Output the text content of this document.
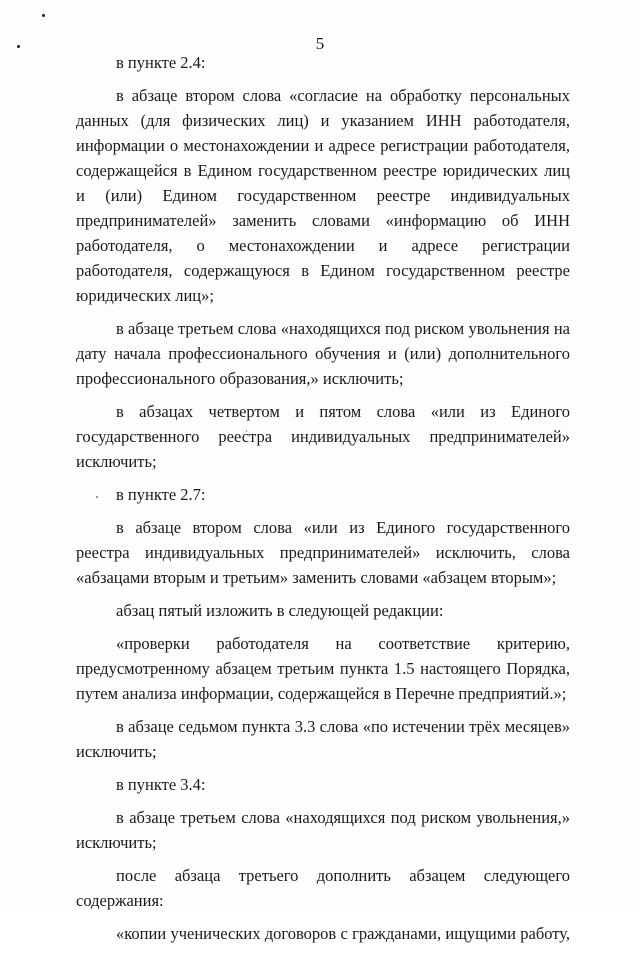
5

в пункте 2.4:

в абзаце втором слова «согласие на обработку персональных данных (для физических лиц) и указанием ИНН работодателя, информации о местонахождении и адресе регистрации работодателя, содержащейся в Едином государственном реестре юридических лиц и (или) Едином государственном реестре индивидуальных предпринимателей» заменить словами «информацию об ИНН работодателя, о местонахождении и адресе регистрации работодателя, содержащуюся в Едином государственном реестре юридических лиц»;

в абзаце третьем слова «находящихся под риском увольнения на дату начала профессионального обучения и (или) дополнительного профессионального образования,» исключить;

в абзацах четвертом и пятом слова «или из Единого государственного реестра индивидуальных предпринимателей» исключить;

в пункте 2.7:

в абзаце втором слова «или из Единого государственного реестра индивидуальных предпринимателей» исключить, слова «абзацами вторым и третьим» заменить словами «абзацем вторым»;

абзац пятый изложить в следующей редакции:

«проверки работодателя на соответствие критерию, предусмотренному абзацем третьим пункта 1.5 настоящего Порядка, путем анализа информации, содержащейся в Перечне предприятий.»;

в абзаце седьмом пункта 3.3 слова «по истечении трёх месяцев» исключить;

в пункте 3.4:

в абзаце третьем слова «находящихся под риском увольнения,» исключить;

после абзаца третьего дополнить абзацем следующего содержания:

«копии ученических договоров с гражданами, ищущими работу,
